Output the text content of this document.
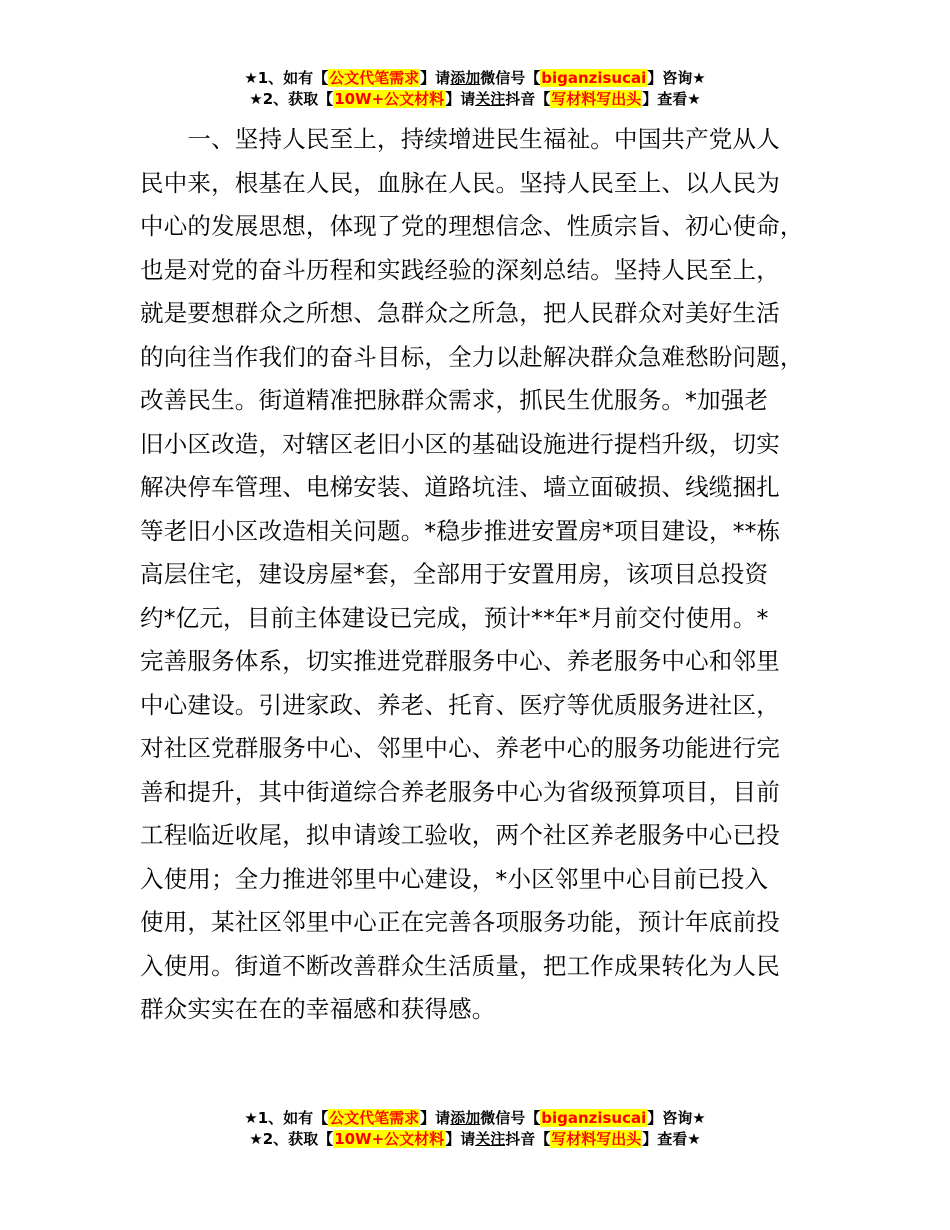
★1、如有【公文代笔需求】请添加微信号【biganzisucai】咨询★
★2、获取【10W+公文材料】请关注抖音【写材料写出头】查看★
　　一、坚持人民至上，持续增进民生福祉。中国共产党从人
民中来，根基在人民，血脉在人民。坚持人民至上、以人民为
中心的发展思想，体现了党的理想信念、性质宗旨、初心使命，
也是对党的奋斗历程和实践经验的深刻总结。坚持人民至上，
就是要想群众之所想、急群众之所急，把人民群众对美好生活
的向往当作我们的奋斗目标，全力以赴解决群众急难愁盼问题，
改善民生。街道精准把脉群众需求，抓民生优服务。*加强老
旧小区改造，对辖区老旧小区的基础设施进行提档升级，切实
解决停车管理、电梯安装、道路坑洼、墙立面破损、线缆捆扎
等老旧小区改造相关问题。*稳步推进安置房*项目建设，**栋
高层住宅，建设房屋*套，全部用于安置用房，该项目总投资
约*亿元，目前主体建设已完成，预计**年*月前交付使用。*
完善服务体系，切实推进党群服务中心、养老服务中心和邻里
中心建设。引进家政、养老、托育、医疗等优质服务进社区，
对社区党群服务中心、邻里中心、养老中心的服务功能进行完
善和提升，其中街道综合养老服务中心为省级预算项目，目前
工程临近收尾，拟申请竣工验收，两个社区养老服务中心已投
入使用；全力推进邻里中心建设，*小区邻里中心目前已投入
使用，某社区邻里中心正在完善各项服务功能，预计年底前投
入使用。街道不断改善群众生活质量，把工作成果转化为人民
群众实实在在的幸福感和获得感。
★1、如有【公文代笔需求】请添加微信号【biganzisucai】咨询★
★2、获取【10W+公文材料】请关注抖音【写材料写出头】查看★
